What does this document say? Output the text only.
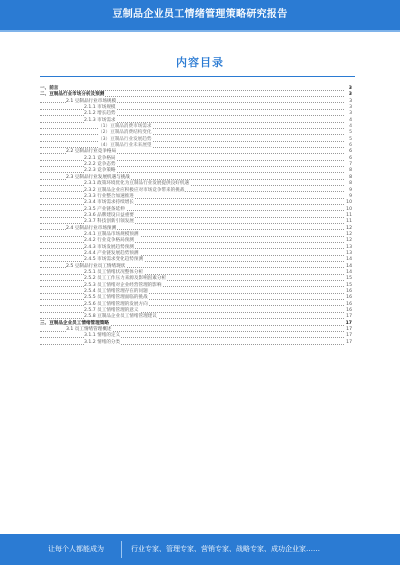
豆制品企业员工情绪管理策略研究报告
内容目录
一、前言	3
二、豆制品行业市场分析及预测	3
2.1 豆制品行业市场规模	3
2.1.1 市场规模	3
2.1.2 增长趋势	3
2.1.3 市场需求	4
（1）豆制品消费市场需求	4
（2）豆制品消费结构变化	5
（3）豆制品行业发展趋势	5
（4）豆制品行业未来展望	6
2.2 豆制品行业竞争格局	6
2.2.1 竞争格局	6
2.2.2 竞争态势	7
2.2.3 竞争策略	8
2.3 豆制品行业发展机遇与挑战	8
2.3.1 政策环境优化为豆制品行业发展提供良好机遇	8
2.3.2 豆制品企业应积极应对市场竞争带来的挑战	9
2.3.3 行业整合加速推进	9
2.3.4 市场需求持续增长	10
2.3.5 产业链条延伸	10
2.3.6 品牌建设日益重要	11
2.3.7 科技创新引领发展	11
2.4 豆制品行业市场预测	12
2.4.1 豆制品市场规模预测	12
2.4.2 行业竞争格局预测	12
2.4.3 市场发展趋势预测	13
2.4.4 产业链发展趋势预测	13
2.4.5 市场需求变化趋势预测	14
2.5 豆制品行业员工情绪现状	14
2.5.1 员工情绪状况整体分析	14
2.5.2 员工工作压力来源及影响因素分析	15
2.5.3 员工情绪对企业经营管理的影响	15
2.5.4 员工情绪管理存在的问题	16
2.5.5 员工情绪管理面临的挑战	16
2.5.6 员工情绪管理的发展方向	16
2.5.7 员工情绪管理的意义	16
2.5.8 豆制品企业员工情绪管理建议	17
三、豆制品企业员工情绪管理策略	17
3.1 员工情绪管理概述	17
3.1.1 情绪的定义	17
3.1.2 情绪的分类	17
让每个人都能成为	行业专家、管理专家、营销专家、战略专家、成功企业家……
